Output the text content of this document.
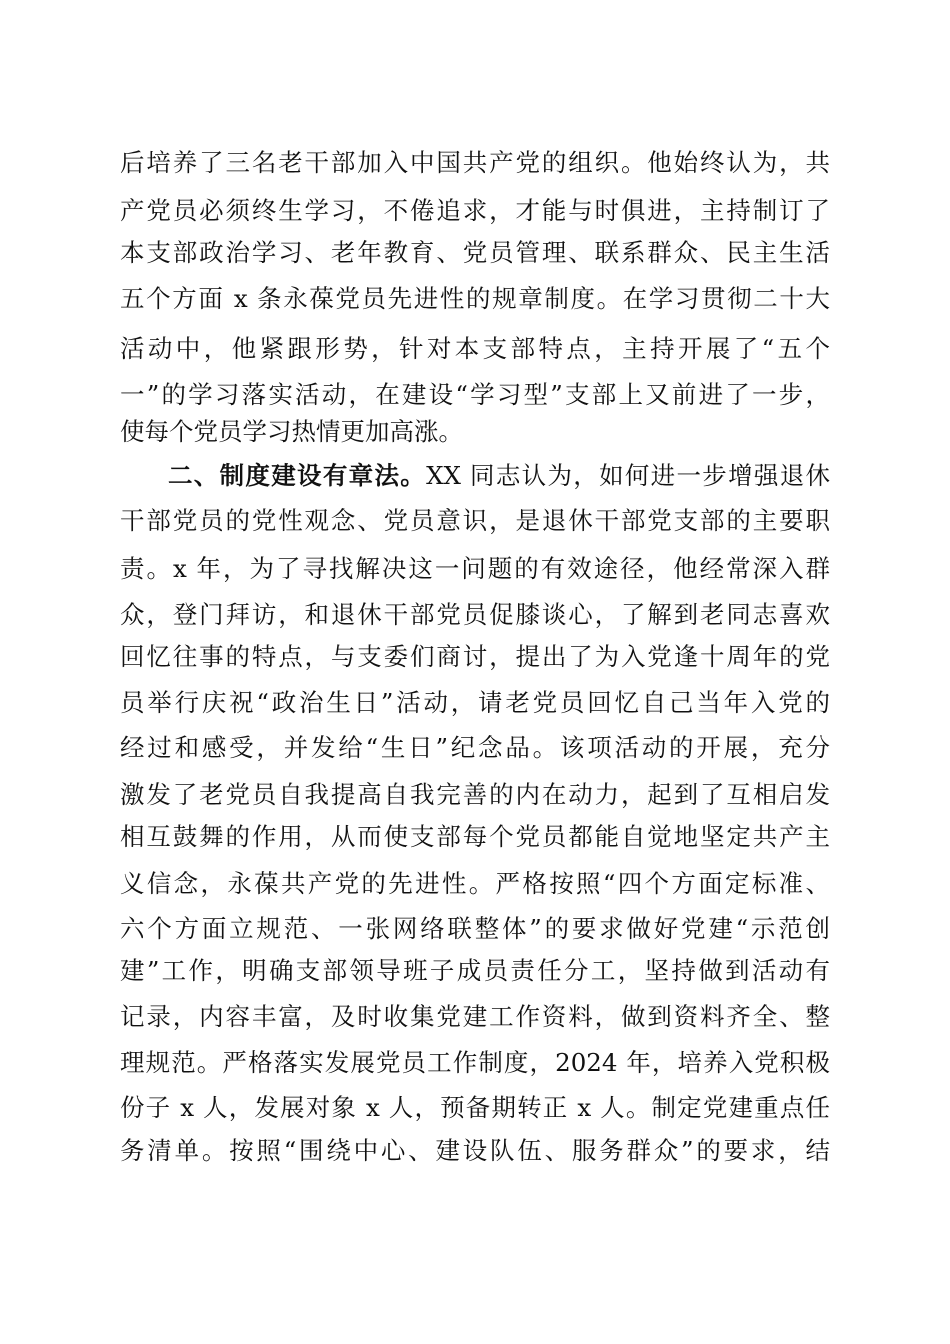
后培养了三名老干部加入中国共产党的组织。他始终认为，共
产党员必须终生学习，不倦追求，才能与时俱进，主持制订了
本支部政治学习、老年教育、党员管理、联系群众、民主生活
五个方面 x 条永葆党员先进性的规章制度。在学习贯彻二十大
活动中，他紧跟形势，针对本支部特点，主持开展了“五个
一”的学习落实活动，在建设“学习型”支部上又前进了一步，
使每个党员学习热情更加高涨。
二、制度建设有章法。XX 同志认为，如何进一步增强退休
干部党员的党性观念、党员意识，是退休干部党支部的主要职
责。x 年，为了寻找解决这一问题的有效途径，他经常深入群
众，登门拜访，和退休干部党员促膝谈心，了解到老同志喜欢
回忆往事的特点，与支委们商讨，提出了为入党逢十周年的党
员举行庆祝“政治生日”活动，请老党员回忆自己当年入党的
经过和感受，并发给“生日”纪念品。该项活动的开展，充分
激发了老党员自我提高自我完善的内在动力，起到了互相启发
相互鼓舞的作用，从而使支部每个党员都能自觉地坚定共产主
义信念，永葆共产党的先进性。严格按照“四个方面定标准、
六个方面立规范、一张网络联整体”的要求做好党建“示范创
建”工作，明确支部领导班子成员责任分工，坚持做到活动有
记录，内容丰富，及时收集党建工作资料，做到资料齐全、整
理规范。严格落实发展党员工作制度，2024 年，培养入党积极
份子 x 人，发展对象 x 人，预备期转正 x 人。制定党建重点任
务清单。按照“围绕中心、建设队伍、服务群众”的要求，结
